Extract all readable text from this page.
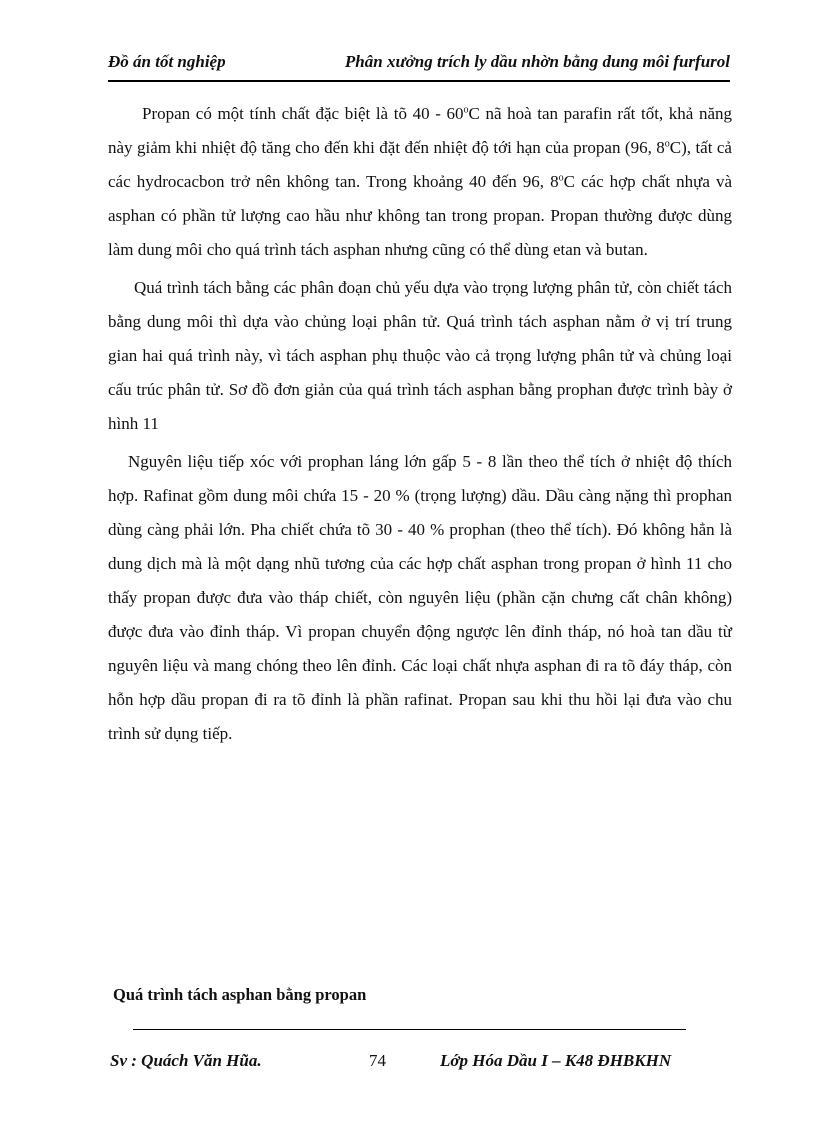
Đồ án tốt nghiệp	Phân xưởng trích ly dầu nhờn bằng dung môi furfurol

Propan có một tính chất đặc biệt là tõ 40 - 60$^o$C nã hoà tan parafin rất tốt, khả năng này giảm khi nhiệt độ tăng cho đến khi đặt đến nhiệt độ tới hạn của propan (96, 8$^o$C), tất cả các hydrocacbon trở nên không tan. Trong khoảng 40 đến 96, 8$^o$C các hợp chất nhựa và asphan có phần tử lượng cao hầu như không tan trong propan. Propan thường được dùng làm dung môi cho quá trình tách asphan nhưng cũng có thể dùng etan và butan.

Quá trình tách bằng các phân đoạn chủ yếu dựa vào trọng lượng phân tử, còn chiết tách bằng dung môi thì dựa vào chủng loại phân tử. Quá trình tách asphan nằm ở vị trí trung gian hai quá trình này, vì tách asphan phụ thuộc vào cả trọng lượng phân tử và chủng loại cấu trúc phân tử. Sơ đồ đơn giản của quá trình tách asphan bằng prophan được trình bày ở hình 11

Nguyên liệu tiếp xóc với prophan láng lớn gấp 5 - 8 lần theo thể tích ở nhiệt độ thích hợp. Rafinat gồm dung môi chứa 15 - 20 % (trọng lượng) dầu. Dầu càng nặng thì prophan dùng càng phải lớn. Pha chiết chứa tõ 30 - 40 % prophan (theo thể tích). Đó không hẳn là dung dịch mà là một dạng nhũ tương của các hợp chất asphan trong propan ở hình 11 cho thấy propan được đưa vào tháp chiết, còn nguyên liệu (phần cặn chưng cất chân không) được đưa vào đỉnh tháp. Vì propan chuyển động ngược lên đỉnh tháp, nó hoà tan dầu từ nguyên liệu và mang chóng theo lên đỉnh. Các loại chất nhựa asphan đi ra tõ đáy tháp, còn hỗn hợp dầu propan đi ra tõ đỉnh là phần rafinat. Propan sau khi thu hồi lại đưa vào chu trình sử dụng tiếp.

Quá trình tách asphan bằng propan
Sv : Quách Văn Hũa.	74	Lớp Hóa Dầu I – K48 ĐHBKHN
